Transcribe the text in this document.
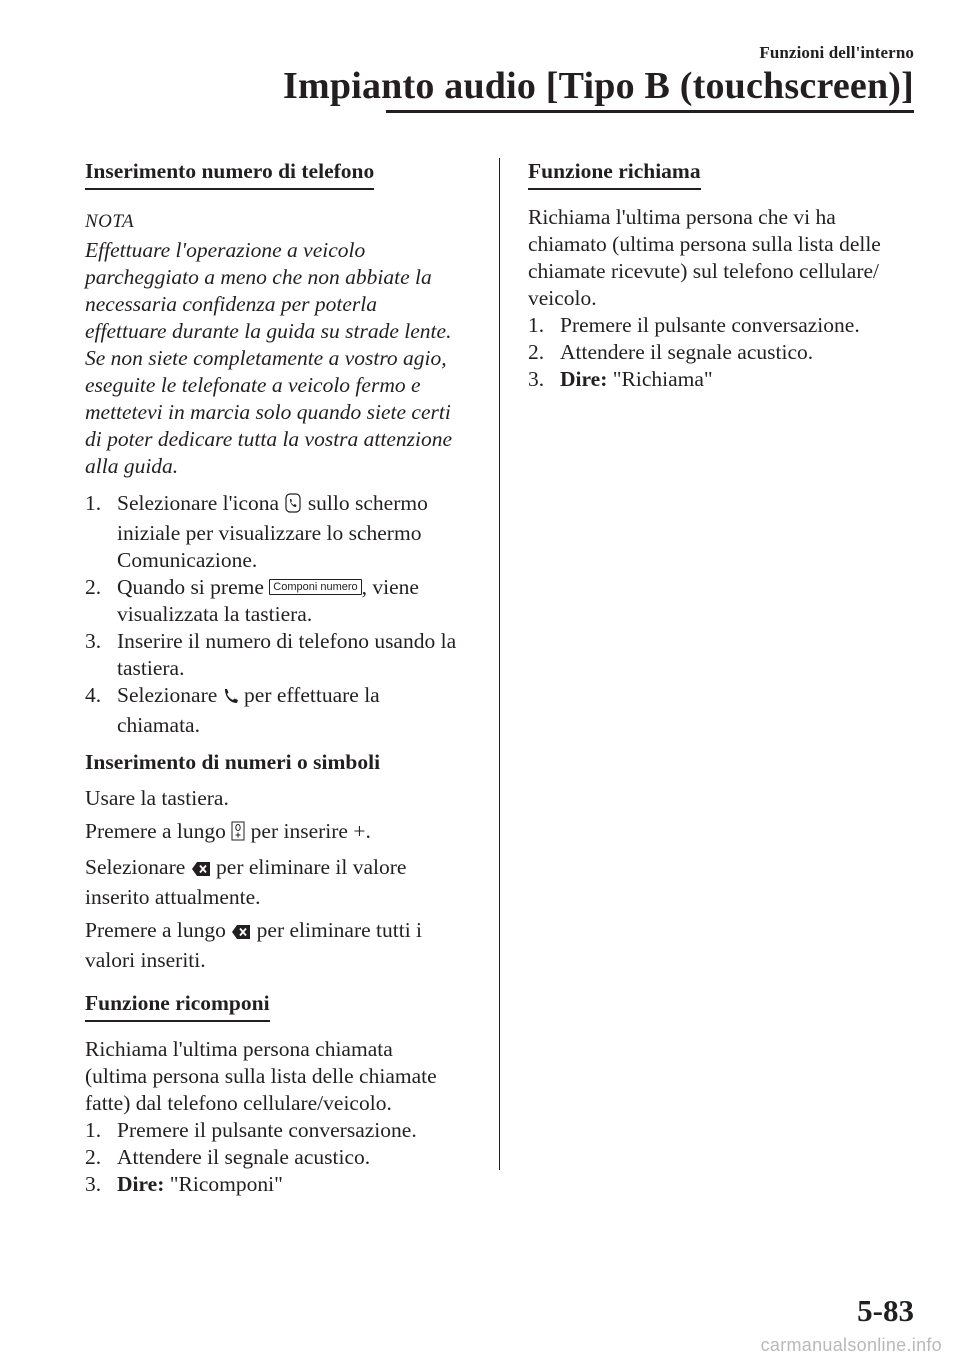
Funzioni dell'interno
Impianto audio [Tipo B (touchscreen)]
Inserimento numero di telefono
NOTA

Effettuare l'operazione a veicolo

parcheggiato a meno che non abbiate la

necessaria confidenza per poterla

effettuare durante la guida su strade lente.

Se non siete completamente a vostro agio,

eseguite le telefonate a veicolo fermo e

mettetevi in marcia solo quando siete certi

di poter dedicare tutta la vostra attenzione

alla guida.

1. Selezionare l'icona sullo schermo
iniziale per visualizzare lo schermo
Comunicazione.
2. Quando si preme Componi numero , viene
visualizzata la tastiera.
3. Inserire il numero di telefono usando la
tastiera.
4. Selezionare per effettuare la
chiamata.
Inserimento di numeri o simboli

Usare la tastiera.

Premere a lungo per inserire +.

Selezionare per eliminare il valore

inserito attualmente.

Premere a lungo per eliminare tutti i

valori inseriti.

Funzione ricomponi

Richiama l'ultima persona chiamata

(ultima persona sulla lista delle chiamate

fatte) dal telefono cellulare/veicolo.

1. Premere il pulsante conversazione.
2. Attendere il segnale acustico.
3. Dire: "Ricomponi"
Funzione richiama

Richiama l'ultima persona che vi ha

chiamato (ultima persona sulla lista delle

chiamate ricevute) sul telefono cellulare/

veicolo.

1. Premere il pulsante conversazione.
2. Attendere il segnale acustico.
3. Dire: "Richiama"
5-83
carmanualsonline.info
